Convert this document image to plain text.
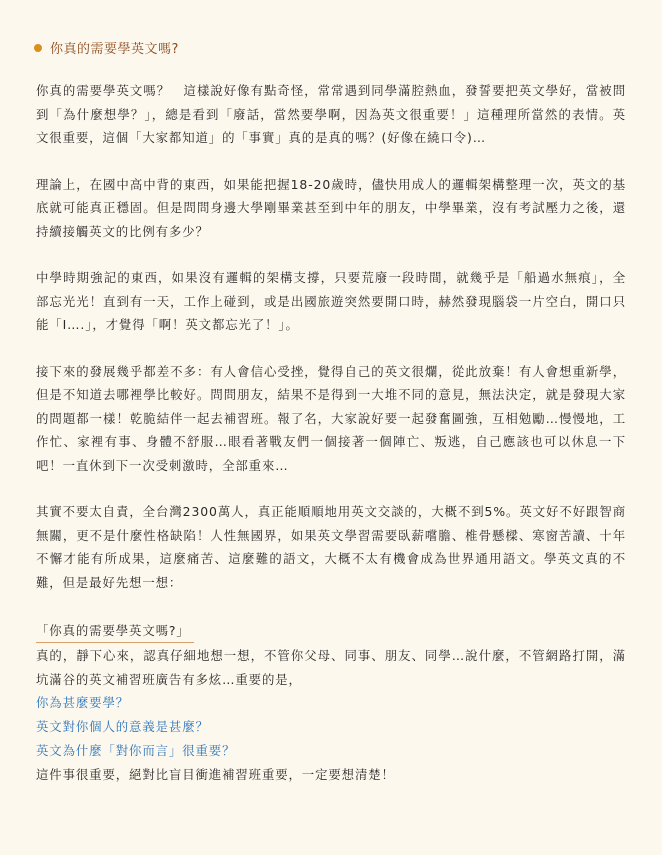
你真的需要學英文嗎?

你真的需要學英文嗎？　這樣說好像有點奇怪，常常遇到同學滿腔熱血，發誓要把英文學好，當被問到「為什麼想學？」，總是看到「廢話，當然要學啊，因為英文很重要！」這種理所當然的表情。英文很重要，這個「大家都知道」的「事實」真的是真的嗎？(好像在繞口令)…

理論上，在國中高中背的東西，如果能把握18-20歲時，儘快用成人的邏輯架構整理一次，英文的基底就可能真正穩固。但是問問身邊大學剛畢業甚至到中年的朋友，中學畢業，沒有考試壓力之後，還持續接觸英文的比例有多少？

中學時期強記的東西，如果沒有邏輯的架構支撐，只要荒廢一段時間，就幾乎是「船過水無痕」，全部忘光光！直到有一天，工作上碰到，或是出國旅遊突然要開口時，赫然發現腦袋一片空白，開口只能「I….」，才覺得「啊！英文都忘光了！」。

接下來的發展幾乎都差不多：有人會信心受挫，覺得自己的英文很爛，從此放棄！有人會想重新學，但是不知道去哪裡學比較好。問問朋友，結果不是得到一大堆不同的意見，無法決定，就是發現大家的問題都一樣！乾脆結伴一起去補習班。報了名，大家說好要一起發奮圖強，互相勉勵…慢慢地，工作忙、家裡有事、身體不舒服…眼看著戰友們一個接著一個陣亡、叛逃，自己應該也可以休息一下吧！一直休到下一次受刺激時，全部重來…

其實不要太自責，全台灣2300萬人，真正能順順地用英文交談的，大概不到5%。英文好不好跟智商無關，更不是什麼性格缺陷！人性無國界，如果英文學習需要臥薪嚐膽、椎骨懸樑、寒窗苦讀、十年不懈才能有所成果，這麼痛苦、這麼難的語文，大概不太有機會成為世界通用語文。學英文真的不難，但是最好先想一想：

「你真的需要學英文嗎?」

真的，靜下心來，認真仔細地想一想，不管你父母、同事、朋友、同學…說什麼，不管網路打開，滿坑滿谷的英文補習班廣告有多炫…重要的是，

你為甚麼要學？
英文對你個人的意義是甚麼？
英文為什麼「對你而言」很重要？
這件事很重要，絕對比盲目衝進補習班重要，一定要想清楚！
